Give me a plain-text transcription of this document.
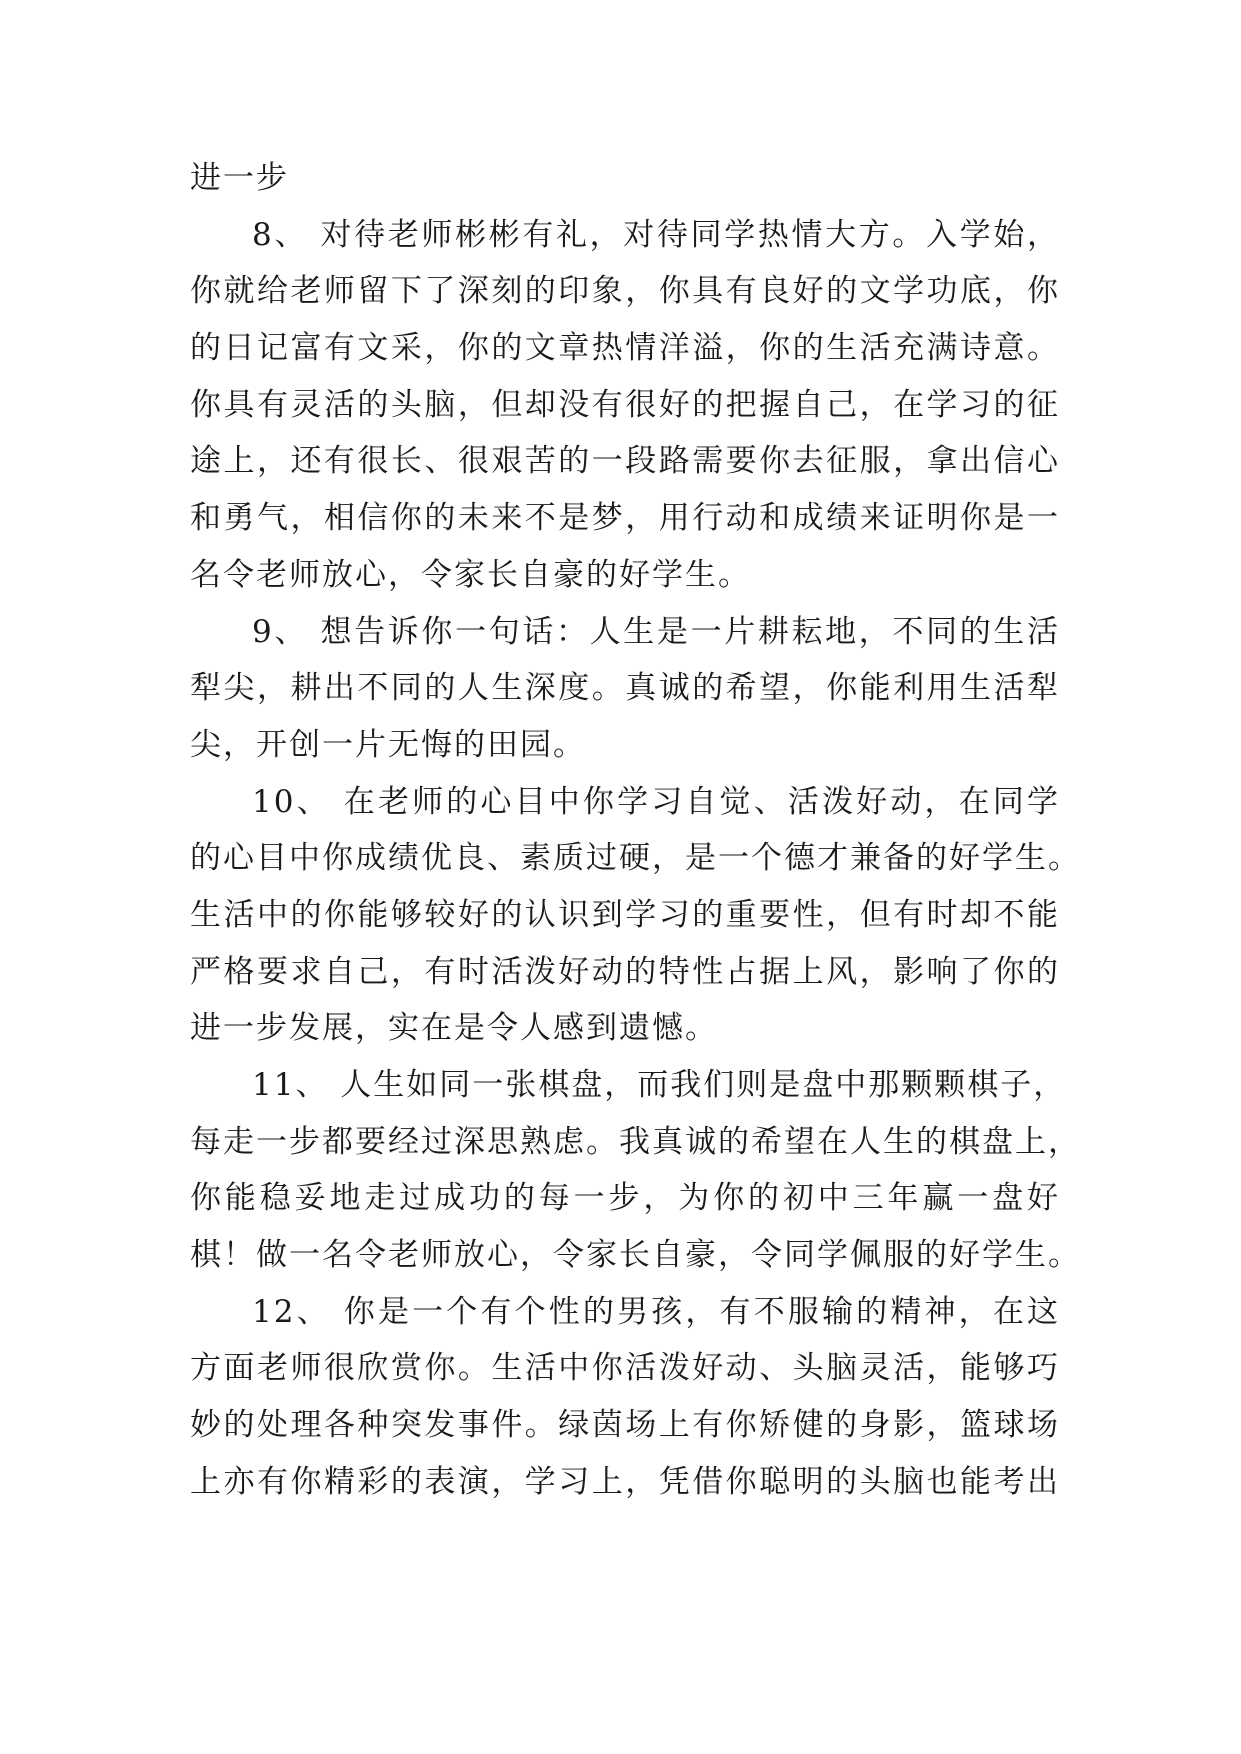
进一步
8、 对待老师彬彬有礼，对待同学热情大方。入学始，
你就给老师留下了深刻的印象，你具有良好的文学功底，你
的日记富有文采，你的文章热情洋溢，你的生活充满诗意。
你具有灵活的头脑，但却没有很好的把握自己，在学习的征
途上，还有很长、很艰苦的一段路需要你去征服，拿出信心
和勇气，相信你的未来不是梦，用行动和成绩来证明你是一
名令老师放心，令家长自豪的好学生。
9、 想告诉你一句话：人生是一片耕耘地，不同的生活
犁尖，耕出不同的人生深度。真诚的希望，你能利用生活犁
尖，开创一片无悔的田园。
10、 在老师的心目中你学习自觉、活泼好动，在同学
的心目中你成绩优良、素质过硬，是一个德才兼备的好学生。
生活中的你能够较好的认识到学习的重要性，但有时却不能
严格要求自己，有时活泼好动的特性占据上风，影响了你的
进一步发展，实在是令人感到遗憾。
11、 人生如同一张棋盘，而我们则是盘中那颗颗棋子，
每走一步都要经过深思熟虑。我真诚的希望在人生的棋盘上，
你能稳妥地走过成功的每一步，为你的初中三年赢一盘好
棋！做一名令老师放心，令家长自豪，令同学佩服的好学生。
12、 你是一个有个性的男孩，有不服输的精神，在这
方面老师很欣赏你。生活中你活泼好动、头脑灵活，能够巧
妙的处理各种突发事件。绿茵场上有你矫健的身影，篮球场
上亦有你精彩的表演，学习上，凭借你聪明的头脑也能考出
